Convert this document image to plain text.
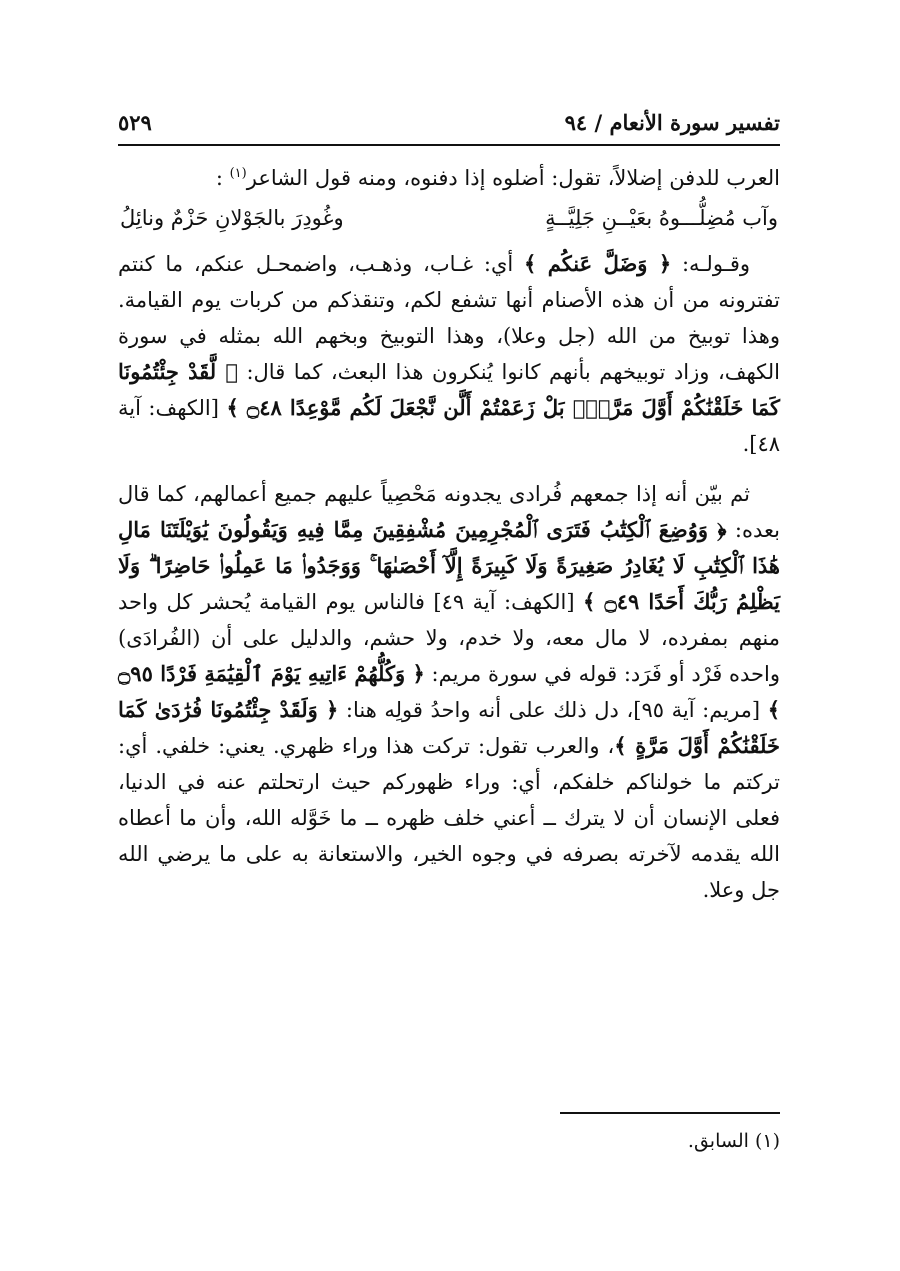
تفسير سورة الأنعام / ٩٤
٥٢٩

العرب للدفن إضلالاً، تقول: أضلوه إذا دفنوه، ومنه قول الشاعر$^{(١)}$ :

وآب مُضِلُّـــوهُ بعَيْــنِ جَلِيَّــةٍ
وغُودِرَ بالجَوْلانِ حَزْمٌ ونائِلُ

وقـولـه: ﴿ وَضَلَّ عَنكُم ﴾ أي: غـاب، وذهـب، واضمحـل عنكم، ما كنتم تفترونه من أن هذه الأصنام أنها تشفع لكم، وتنقذكم من كربات يوم القيامة. وهذا توبيخ من الله (جل وعلا)، وهذا التوبيخ وبخهم الله بمثله في سورة الكهف، وزاد توبيخهم بأنهم كانوا يُنكرون هذا البعث، كما قال: ﴿ لَّقَدْ جِئْتُمُونَا كَمَا خَلَقْنَٰكُمْ أَوَّلَ مَرَّةٍۭ بَلْ زَعَمْتُمْ أَلَّن نَّجْعَلَ لَكُم مَّوْعِدًا ۝٤٨ ﴾ [الكهف: آية ٤٨].

ثم بيّن أنه إذا جمعهم فُرادى يجدونه مَحْصِياً عليهم جميع أعمالهم، كما قال بعده: ﴿ وَوُضِعَ ٱلْكِتَٰبُ فَتَرَى ٱلْمُجْرِمِينَ مُشْفِقِينَ مِمَّا فِيهِ وَيَقُولُونَ يَٰوَيْلَتَنَا مَالِ هَٰذَا ٱلْكِتَٰبِ لَا يُغَادِرُ صَغِيرَةً وَلَا كَبِيرَةً إِلَّآ أَحْصَىٰهَا ۚ وَوَجَدُوا۟ مَا عَمِلُوا۟ حَاضِرًا ۗ وَلَا يَظْلِمُ رَبُّكَ أَحَدًا ۝٤٩ ﴾ [الكهف: آية ٤٩] فالناس يوم القيامة يُحشر كل واحد منهم بمفرده، لا مال معه، ولا خدم، ولا حشم، والدليل على أن (الفُرادَى) واحده فَرْد أو فَرَد: قوله في سورة مريم: ﴿ وَكُلُّهُمْ ءَاتِيهِ يَوْمَ ٱلْقِيَٰمَةِ فَرْدًا ۝٩٥ ﴾ [مريم: آية ٩٥]، دل ذلك على أنه واحدُ قولِه هنا: ﴿ وَلَقَدْ جِئْتُمُونَا فُرَٰدَىٰ كَمَا خَلَقْنَٰكُمْ أَوَّلَ مَرَّةٍ ﴾، والعرب تقول: تركت هذا وراء ظهري. يعني: خلفي. أي: تركتم ما خولناكم خلفكم، أي: وراء ظهوركم حيث ارتحلتم عنه في الدنيا، فعلى الإنسان أن لا يترك ــ أعني خلف ظهره ــ ما خَوَّله الله، وأن ما أعطاه الله يقدمه لآخرته بصرفه في وجوه الخير، والاستعانة به على ما يرضي الله جل وعلا.

(١) السابق.
